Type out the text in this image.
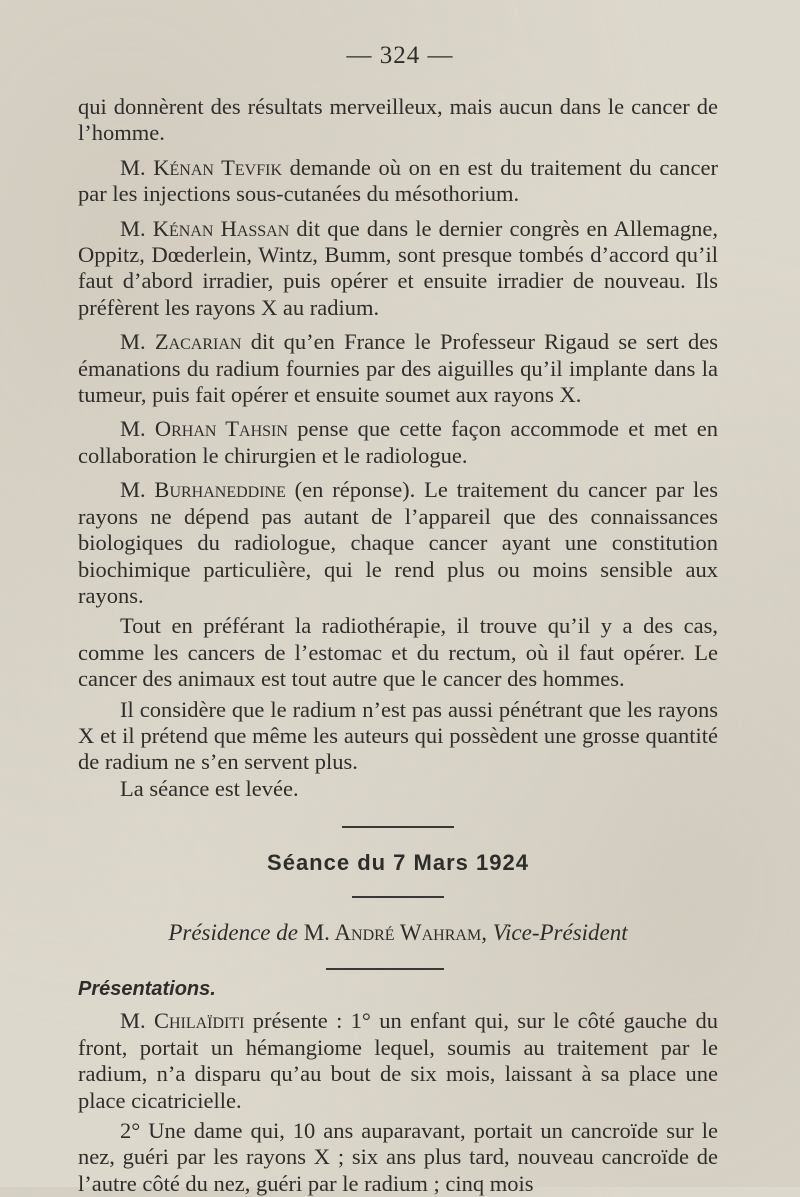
— 324 —

qui donnèrent des résultats merveilleux, mais aucun dans le cancer de l’homme.

M. Kénan Tevfik demande où on en est du traitement du cancer par les injections sous-cutanées du mésothorium.

M. Kénan Hassan dit que dans le dernier congrès en Allemagne, Oppitz, Dœderlein, Wintz, Bumm, sont presque tombés d’accord qu’il faut d’abord irradier, puis opérer et ensuite irradier de nouveau. Ils préfèrent les rayons X au radium.

M. Zacarian dit qu’en France le Professeur Rigaud se sert des émanations du radium fournies par des aiguilles qu’il implante dans la tumeur, puis fait opérer et ensuite soumet aux rayons X.

M. Orhan Tahsin pense que cette façon accommode et met en collaboration le chirurgien et le radiologue.

M. Burhaneddine (en réponse). Le traitement du cancer par les rayons ne dépend pas autant de l’appareil que des connaissances biologiques du radiologue, chaque cancer ayant une constitution biochimique particulière, qui le rend plus ou moins sensible aux rayons.

Tout en préférant la radiothérapie, il trouve qu’il y a des cas, comme les cancers de l’estomac et du rectum, où il faut opérer. Le cancer des animaux est tout autre que le cancer des hommes.

Il considère que le radium n’est pas aussi pénétrant que les rayons X et il prétend que même les auteurs qui possèdent une grosse quantité de radium ne s’en servent plus.

La séance est levée.

Séance du 7 Mars 1924

Présidence de M. André Wahram, Vice-Président

Présentations.

M. Chilaïditi présente : 1° un enfant qui, sur le côté gauche du front, portait un hémangiome lequel, soumis au traitement par le radium, n’a disparu qu’au bout de six mois, laissant à sa place une place cicatricielle.

2° Une dame qui, 10 ans auparavant, portait un cancroïde sur le nez, guéri par les rayons X ; six ans plus tard, nouveau cancroïde de l’autre côté du nez, guéri par le radium ; cinq mois
